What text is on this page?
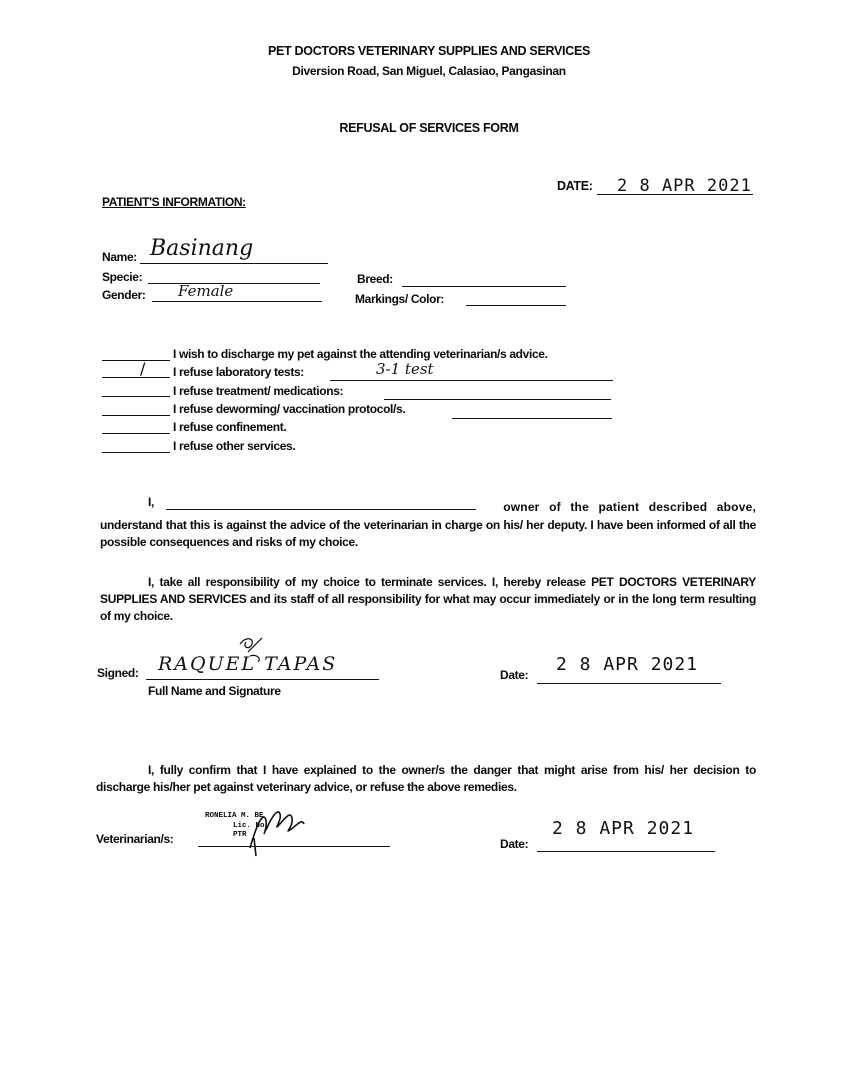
PET DOCTORS VETERINARY SUPPLIES AND SERVICES
Diversion Road, San Miguel, Calasiao, Pangasinan
REFUSAL OF SERVICES FORM
PATIENT'S INFORMATION:
DATE: 2 8 APR 2021
Name: Basinang
Specie:
Gender: Female
Breed:
Markings/ Color:
I wish to discharge my pet against the attending veterinarian/s advice.
/ I refuse laboratory tests:	3-1 test
I refuse treatment/ medications:
I refuse deworming/ vaccination protocol/s.
I refuse confinement.
I refuse other services.
I,	owner of the patient described above,
understand that this is against the advice of the veterinarian in charge on his/ her deputy. I have been informed of all the possible consequences and risks of my choice.
I, take all responsibility of my choice to terminate services. I, hereby release PET DOCTORS VETERINARY SUPPLIES AND SERVICES and its staff of all responsibility for what may occur immediately or in the long term resulting of my choice.
Signed: RAQUEL TAPAS
Full Name and Signature
Date: 2 8 APR 2021
I, fully confirm that I have explained to the owner/s the danger that might arise from his/ her decision to discharge his/her pet against veterinary advice, or refuse the above remedies.
Veterinarian/s:
RONELIA M. BE
Lic. No.
PTR
Date:
2 8 APR 2021
